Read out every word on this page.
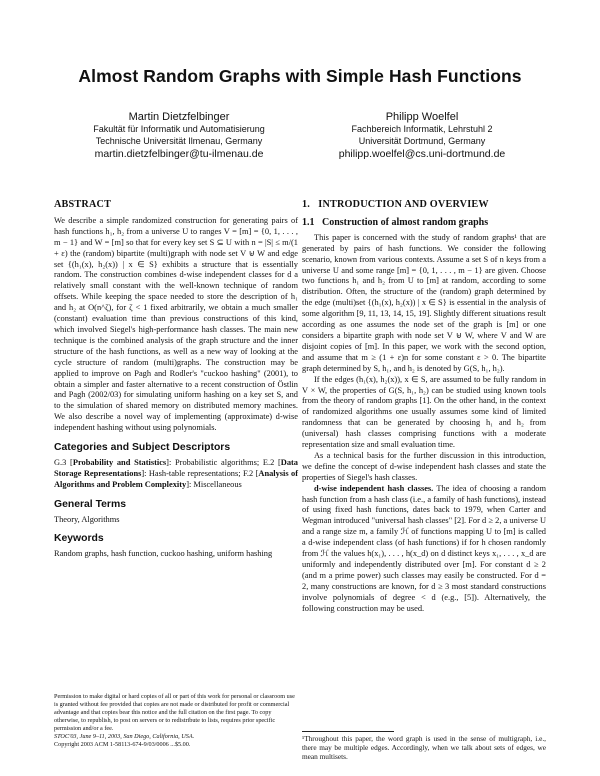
Almost Random Graphs with Simple Hash Functions
Martin Dietzfelbinger
Fakultät für Informatik und Automatisierung
Technische Universität Ilmenau, Germany
martin.dietzfelbinger@tu-ilmenau.de
Philipp Woelfel
Fachbereich Informatik, Lehrstuhl 2
Universität Dortmund, Germany
philipp.woelfel@cs.uni-dortmund.de
ABSTRACT

We describe a simple randomized construction for generating pairs of hash functions h₁, h₂ from a universe U to ranges V = [m] = {0, 1, . . . , m − 1} and W = [m] so that for every key set S ⊆ U with n = |S| ≤ m/(1 + ε) the (random) bipartite (multi)graph with node set V ⊎ W and edge set {(h₁(x), h₂(x)) | x ∈ S} exhibits a structure that is essentially random. The construction combines d-wise independent classes for d a relatively small constant with the well-known technique of random offsets. While keeping the space needed to store the description of h₁ and h₂ at O(n^ζ), for ζ < 1 fixed arbitrarily, we obtain a much smaller (constant) evaluation time than previous constructions of this kind, which involved Siegel's high-performance hash classes. The main new technique is the combined analysis of the graph structure and the inner structure of the hash functions, as well as a new way of looking at the cycle structure of random (multi)graphs. The construction may be applied to improve on Pagh and Rodler's "cuckoo hashing" (2001), to obtain a simpler and faster alternative to a recent construction of Östlin and Pagh (2002/03) for simulating uniform hashing on a key set S, and to the simulation of shared memory on distributed memory machines. We also describe a novel way of implementing (approximate) d-wise independent hashing without using polynomials.

Categories and Subject Descriptors

G.3 [Probability and Statistics]: Probabilistic algorithms; E.2 [Data Storage Representations]: Hash-table representations; F.2 [Analysis of Algorithms and Problem Complexity]: Miscellaneous

General Terms

Theory, Algorithms

Keywords

Random graphs, hash function, cuckoo hashing, uniform hashing

Permission to make digital or hard copies of all or part of this work for personal or classroom use is granted without fee provided that copies are not made or distributed for profit or commercial advantage and that copies bear this notice and the full citation on the first page. To copy otherwise, to republish, to post on servers or to redistribute to lists, requires prior specific permission and/or a fee.
STOC'03, June 9–11, 2003, San Diego, California, USA.
Copyright 2003 ACM 1-58113-674-9/03/0006 ...$5.00.
1.   INTRODUCTION AND OVERVIEW
1.1   Construction of almost random graphs

This paper is concerned with the study of random graphs¹ that are generated by pairs of hash functions. We consider the following scenario, known from various contexts. Assume a set S of n keys from a universe U and some range [m] = {0, 1, . . . , m − 1} are given. Choose two functions h₁ and h₂ from U to [m] at random, according to some distribution. Often, the structure of the (random) graph determined by the edge (multi)set {(h₁(x), h₂(x)) | x ∈ S} is essential in the analysis of some algorithm [9, 11, 13, 14, 15, 19]. Slightly different situations result according as one assumes the node set of the graph is [m] or one considers a bipartite graph with node set V ⊎ W, where V and W are disjoint copies of [m]. In this paper, we work with the second option, and assume that m ≥ (1 + ε)n for some constant ε > 0. The bipartite graph determined by S, h₁, and h₂ is denoted by G(S, h₁, h₂).

If the edges (h₁(x), h₂(x)), x ∈ S, are assumed to be fully random in V × W, the properties of G(S, h₁, h₂) can be studied using known tools from the theory of random graphs [1]. On the other hand, in the context of randomized algorithms one usually assumes some kind of limited randomness that can be generated by choosing h₁ and h₂ from (universal) hash classes comprising functions with a moderate representation size and small evaluation time.

As a technical basis for the further discussion in this introduction, we define the concept of d-wise independent hash classes and state the properties of Siegel's hash classes.

d-wise independent hash classes. The idea of choosing a random hash function from a hash class (i.e., a family of hash functions), instead of using fixed hash functions, dates back to 1979, when Carter and Wegman introduced "universal hash classes" [2]. For d ≥ 2, a universe U and a range size m, a family ℋ of functions mapping U to [m] is called a d-wise independent class (of hash functions) if for h chosen randomly from ℋ the values h(x₁), . . . , h(x_d) on d distinct keys x₁, . . . , x_d are uniformly and independently distributed over [m]. For constant d ≥ 2 (and m a prime power) such classes may easily be constructed. For d = 2, many constructions are known, for d ≥ 3 most standard constructions involve polynomials of degree < d (e.g., [5]). Alternatively, the following construction may be used.

¹Throughout this paper, the word graph is used in the sense of multigraph, i.e., there may be multiple edges. Accordingly, when we talk about sets of edges, we mean multisets.
